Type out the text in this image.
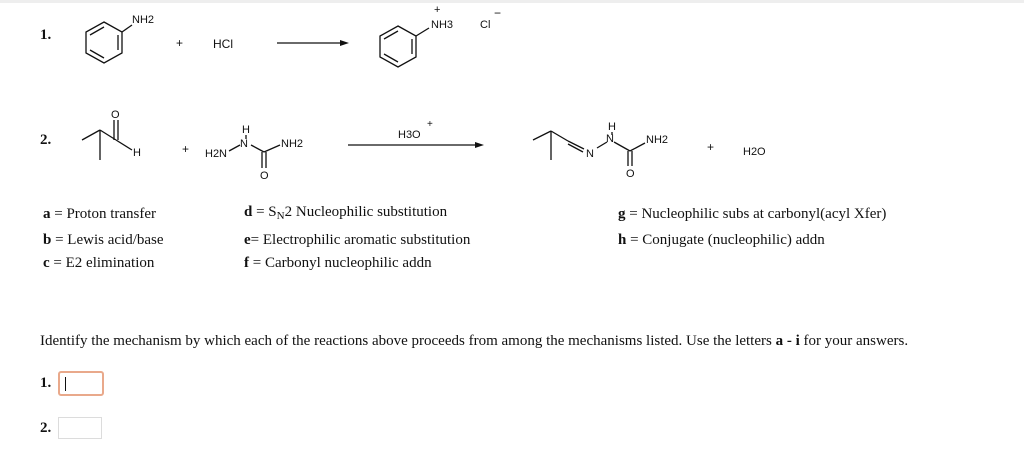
NH2
+ HCl
+
NH3 Cl
−
O
H	+ H2N
N
H
NH2
O
H3O
+
N
N
H
NH2
O
+	H2O
1.
2.
a = Proton transfer
b = Lewis acid/base
c = E2 elimination
$d = S_N2$ Nucleophilic substitution
e= Electrophilic aromatic substitution
f = Carbonyl nucleophilic addn
g = Nucleophilic subs at carbonyl(acyl Xfer)
h = Conjugate (nucleophilic) addn
Identify the mechanism by which each of the reactions above proceeds from among the mechanisms listed. Use the letters a - i for your answers.
1.
2.
